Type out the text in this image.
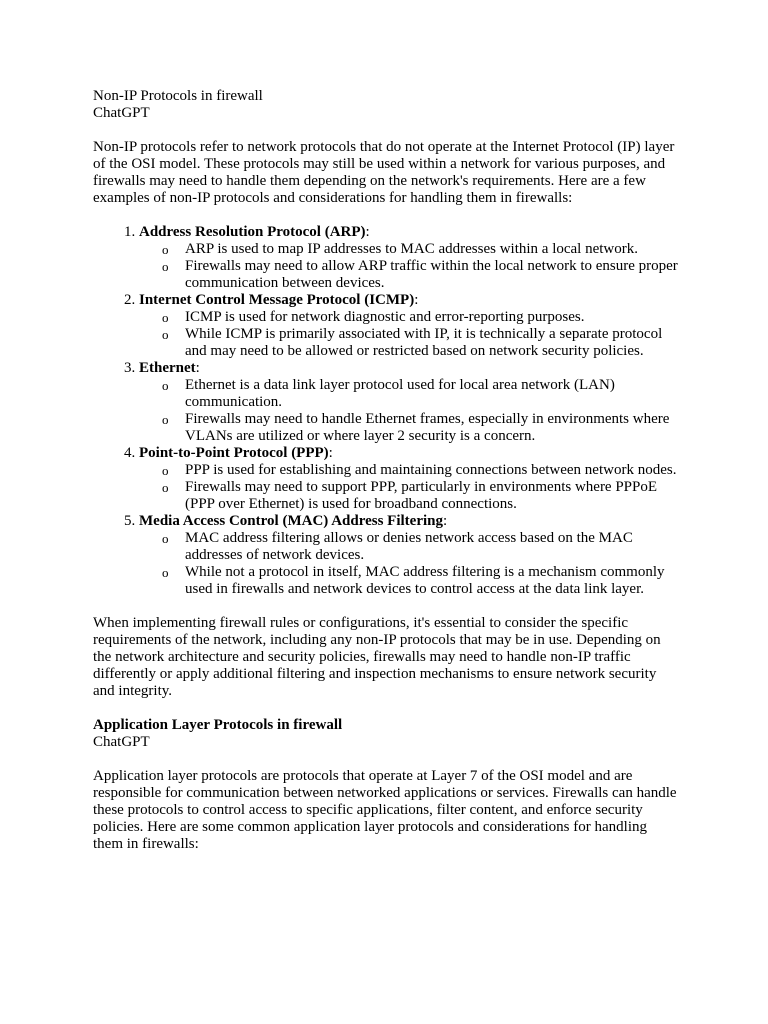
Non-IP Protocols in firewall

ChatGPT

Non-IP protocols refer to network protocols that do not operate at the Internet Protocol (IP) layer of the OSI model. These protocols may still be used within a network for various purposes, and firewalls may need to handle them depending on the network's requirements. Here are a few examples of non-IP protocols and considerations for handling them in firewalls:

1. Address Resolution Protocol (ARP):
o ARP is used to map IP addresses to MAC addresses within a local network.
o Firewalls may need to allow ARP traffic within the local network to ensure proper communication between devices.
2. Internet Control Message Protocol (ICMP):
o ICMP is used for network diagnostic and error-reporting purposes.
o While ICMP is primarily associated with IP, it is technically a separate protocol and may need to be allowed or restricted based on network security policies.
3. Ethernet:
o Ethernet is a data link layer protocol used for local area network (LAN) communication.
o Firewalls may need to handle Ethernet frames, especially in environments where VLANs are utilized or where layer 2 security is a concern.
4. Point-to-Point Protocol (PPP):
o PPP is used for establishing and maintaining connections between network nodes.
o Firewalls may need to support PPP, particularly in environments where PPPoE (PPP over Ethernet) is used for broadband connections.
5. Media Access Control (MAC) Address Filtering:
o MAC address filtering allows or denies network access based on the MAC addresses of network devices.
o While not a protocol in itself, MAC address filtering is a mechanism commonly used in firewalls and network devices to control access at the data link layer.

When implementing firewall rules or configurations, it's essential to consider the specific requirements of the network, including any non-IP protocols that may be in use. Depending on the network architecture and security policies, firewalls may need to handle non-IP traffic differently or apply additional filtering and inspection mechanisms to ensure network security and integrity.

Application Layer Protocols in firewall

ChatGPT

Application layer protocols are protocols that operate at Layer 7 of the OSI model and are responsible for communication between networked applications or services. Firewalls can handle these protocols to control access to specific applications, filter content, and enforce security policies. Here are some common application layer protocols and considerations for handling them in firewalls:
